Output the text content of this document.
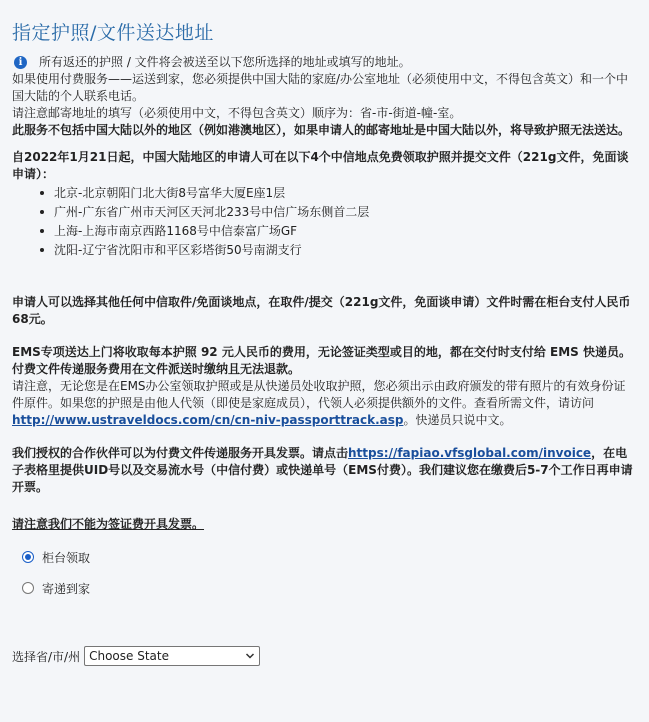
指定护照/文件送达地址
i	所有返还的护照 / 文件将会被送至以下您所选择的地址或填写的地址。

如果使用付费服务——运送到家，您必须提供中国大陆的家庭/办公室地址（必须使用中文，不得包含英文）和一个中国大陆的个人联系电话。

请注意邮寄地址的填写（必须使用中文，不得包含英文）顺序为：省-市-街道-幢-室。

此服务不包括中国大陆以外的地区（例如港澳地区），如果申请人的邮寄地址是中国大陆以外，将导致护照无法送达。

自2022年1月21日起，中国大陆地区的申请人可在以下4个中信地点免费领取护照并提交文件（221g文件，免面谈申请）：

北京-北京朝阳门北大街8号富华大厦E座1层
广州-广东省广州市天河区天河北233号中信广场东侧首二层
上海-上海市南京西路1168号中信泰富广场GF
沈阳-辽宁省沈阳市和平区彩塔街50号南湖支行

申请人可以选择其他任何中信取件/免面谈地点，在取件/提交（221g文件，免面谈申请）文件时需在柜台支付人民币68元。

EMS专项送达上门将收取每本护照 92 元人民币的费用，无论签证类型或目的地，都在交付时支付给 EMS 快递员。

付费文件传递服务费用在文件派送时缴纳且无法退款。

请注意，无论您是在EMS办公室领取护照或是从快递员处收取护照，您必须出示由政府颁发的带有照片的有效身份证件原件。如果您的护照是由他人代领（即使是家庭成员），代领人必须提供额外的文件。查看所需文件，请访问
http://www.ustraveldocs.com/cn/cn-niv-passporttrack.asp。快递员只说中文。

我们授权的合作伙伴可以为付费文件传递服务开具发票。请点击https://fapiao.vfsglobal.com/invoice，在电子表格里提供UID号以及交易流水号（中信付费）或快递单号（EMS付费）。我们建议您在缴费后5-7个工作日再申请开票。

请注意我们不能为签证费开具发票。

柜台领取
寄递到家
选择省/市/州 Choose State
